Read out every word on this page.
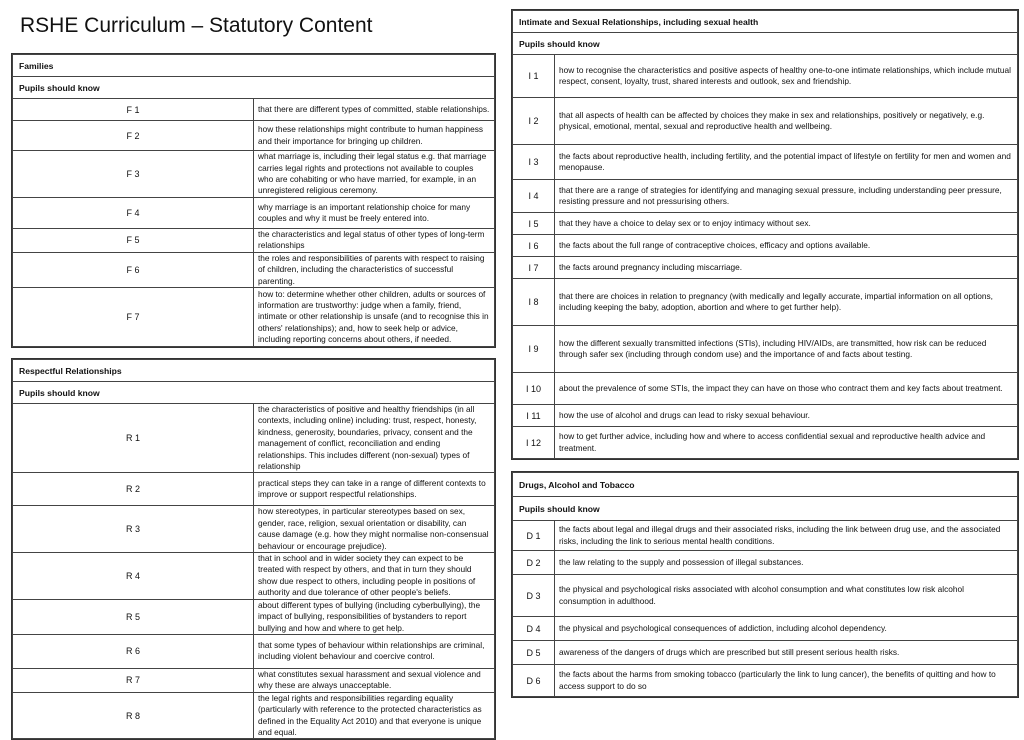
RSHE Curriculum – Statutory Content
Families	
Pupils should know	
F 1	that there are different types of committed, stable relationships.
F 2	how these relationships might contribute to human happiness and their importance for bringing up children.
F 3	what marriage is, including their legal status e.g. that marriage carries legal rights and protections not available to couples who are cohabiting or who have married, for example, in an unregistered religious ceremony.
F 4	why marriage is an important relationship choice for many couples and why it must be freely entered into.
F 5	the characteristics and legal status of other types of long-term relationships
F 6	the roles and responsibilities of parents with respect to raising of children, including the characteristics of successful parenting.
F 7	how to: determine whether other children, adults or sources of information are trustworthy: judge when a family, friend, intimate or other relationship is unsafe (and to recognise this in others' relationships); and, how to seek help or advice, including reporting concerns about others, if needed.
Respectful Relationships	
Pupils should know	
R 1	the characteristics of positive and healthy friendships (in all contexts, including online) including: trust, respect, honesty, kindness, generosity, boundaries, privacy, consent and the management of conflict, reconciliation and ending relationships. This includes different (non-sexual) types of relationship
R 2	practical steps they can take in a range of different contexts to improve or support respectful relationships.
R 3	how stereotypes, in particular stereotypes based on sex, gender, race, religion, sexual orientation or disability, can cause damage (e.g. how they might normalise non-consensual behaviour or encourage prejudice).
R 4	that in school and in wider society they can expect to be treated with respect by others, and that in turn they should show due respect to others, including people in positions of authority and due tolerance of other people's beliefs.
R 5	about different types of bullying (including cyberbullying), the impact of bullying, responsibilities of bystanders to report bullying and how and where to get help.
R 6	that some types of behaviour within relationships are criminal, including violent behaviour and coercive control.
R 7	what constitutes sexual harassment and sexual violence and why these are always unacceptable.
R 8	the legal rights and responsibilities regarding equality (particularly with reference to the protected characteristics as defined in the Equality Act 2010) and that everyone is unique and equal.
Intimate and Sexual Relationships, including sexual health	
Pupils should know	
I 1	how to recognise the characteristics and positive aspects of healthy one-to-one intimate relationships, which include mutual respect, consent, loyalty, trust, shared interests and outlook, sex and friendship.
I 2	that all aspects of health can be affected by choices they make in sex and relationships, positively or negatively, e.g. physical, emotional, mental, sexual and reproductive health and wellbeing.
I 3	the facts about reproductive health, including fertility, and the potential impact of lifestyle on fertility for men and women and menopause.
I 4	that there are a range of strategies for identifying and managing sexual pressure, including understanding peer pressure, resisting pressure and not pressurising others.
I 5	that they have a choice to delay sex or to enjoy intimacy without sex.
I 6	the facts about the full range of contraceptive choices, efficacy and options available.
I 7	the facts around pregnancy including miscarriage.
I 8	that there are choices in relation to pregnancy (with medically and legally accurate, impartial information on all options, including keeping the baby, adoption, abortion and where to get further help).
I 9	how the different sexually transmitted infections (STIs), including HIV/AIDs, are transmitted, how risk can be reduced through safer sex (including through condom use) and the importance of and facts about testing.
I 10	about the prevalence of some STIs, the impact they can have on those who contract them and key facts about treatment.
I 11	how the use of alcohol and drugs can lead to risky sexual behaviour.
I 12	how to get further advice, including how and where to access confidential sexual and reproductive health advice and treatment.
Drugs, Alcohol and Tobacco	
Pupils should know	
D 1	the facts about legal and illegal drugs and their associated risks, including the link between drug use, and the associated risks, including the link to serious mental health conditions.
D 2	the law relating to the supply and possession of illegal substances.
D 3	the physical and psychological risks associated with alcohol consumption and what constitutes low risk alcohol consumption in adulthood.
D 4	the physical and psychological consequences of addiction, including alcohol dependency.
D 5	awareness of the dangers of drugs which are prescribed but still present serious health risks.
D 6	the facts about the harms from smoking tobacco (particularly the link to lung cancer), the benefits of quitting and how to access support to do so
